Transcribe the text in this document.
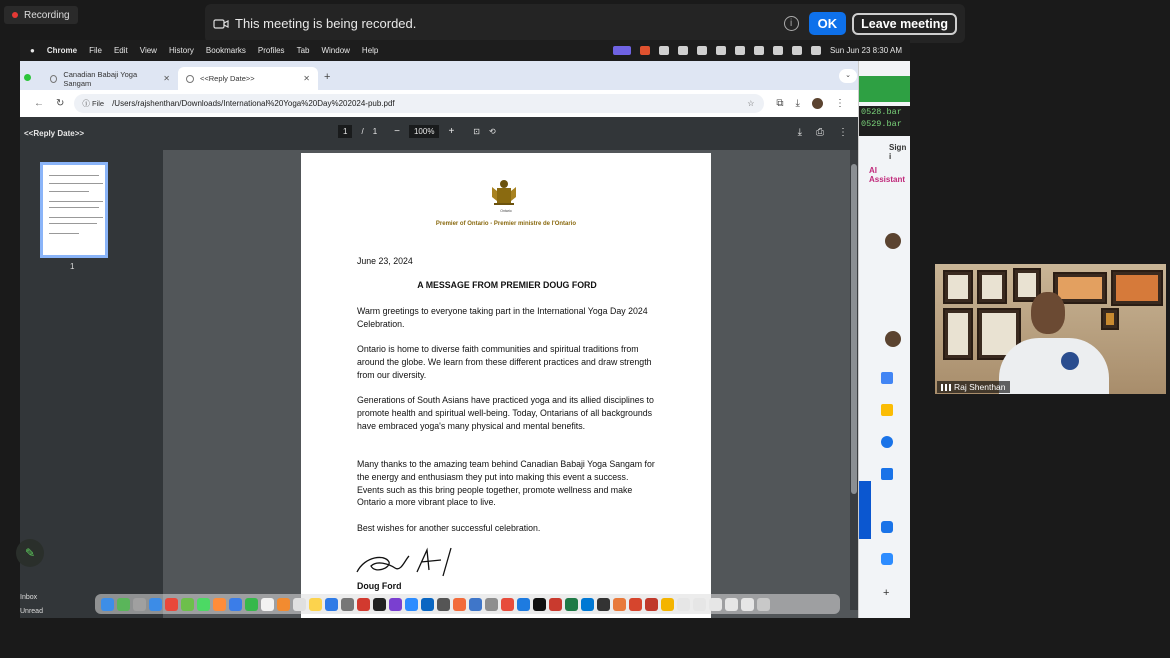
Recording
This meeting is being recorded.	i	OK	Leave meeting
● Chrome File Edit View History Bookmarks Profiles Tab Window Help	Sun Jun 23 8:30 AM
Canadian Babaji Yoga Sangam	✕	<<Reply Date>>	✕ +	⌄
← ↻ ⓘ File /Users/rajshenthan/Downloads/International%20Yoga%20Day%202024-pub.pdf	☆ ⧉ ⤓	⋮
<<Reply Date>>	1	/ 1 −	100%	+ ⊡ ⟲	⤓ ⎙ ⋮
1
Ontario
Premier of Ontario - Premier ministre de l'Ontario
June 23, 2024
A MESSAGE FROM PREMIER DOUG FORD
Warm greetings to everyone taking part in the International Yoga Day 2024 Celebration.
Ontario is home to diverse faith communities and spiritual traditions from around the globe. We learn from these different practices and draw strength from our diversity.
Generations of South Asians have practiced yoga and its allied disciplines to promote health and spiritual well-being. Today, Ontarians of all backgrounds have embraced yoga's many physical and mental benefits.
Many thanks to the amazing team behind Canadian Babaji Yoga Sangam for the energy and enthusiasm they put into making this event a success. Events such as this bring people together, promote wellness and make Ontario a more vibrant place to live.
Best wishes for another successful celebration.
Doug Ford
0528.bar
0529.bar
Sign i
AI Assistant
+
Inbox
Unread
Raj Shenthan
✎
